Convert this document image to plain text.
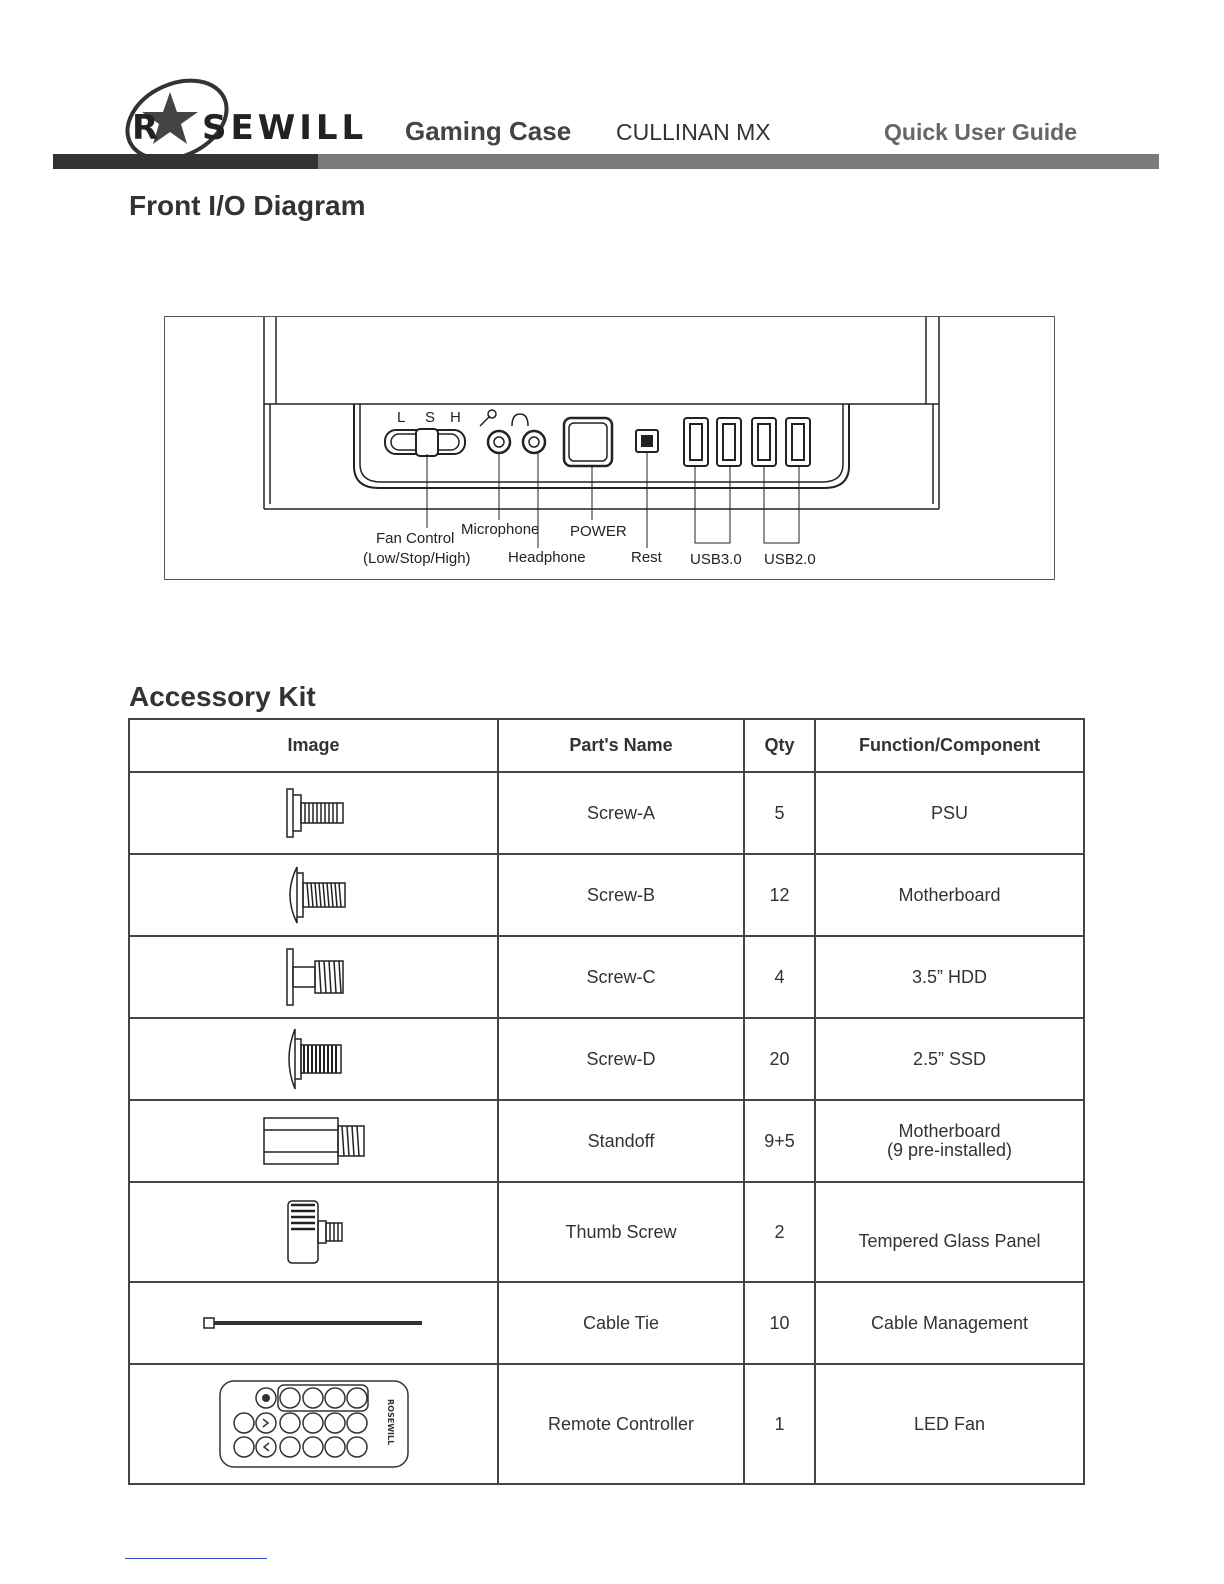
R SEWILL Gaming Case CULLINAN MX	Quick User Guide
Front I/O Diagram
L S H
Fan Control
(Low/Stop/High)
Microphone
Headphone
POWER
Rest USB3.0 USB2.0
Accessory Kit
Image	Part's Name	Qty	Function/Component

	Screw-A	5	PSU

	Screw-B	12	Motherboard

	Screw-C	4	3.5” HDD

	Screw-D	20	2.5” SSD

	Standoff	9+5	Motherboard
(9 pre-installed)

	Thumb Screw	2	Tempered Glass Panel

	Cable Tie	10	Cable Management

ROSEWILL	Remote Controller	1	LED Fan
